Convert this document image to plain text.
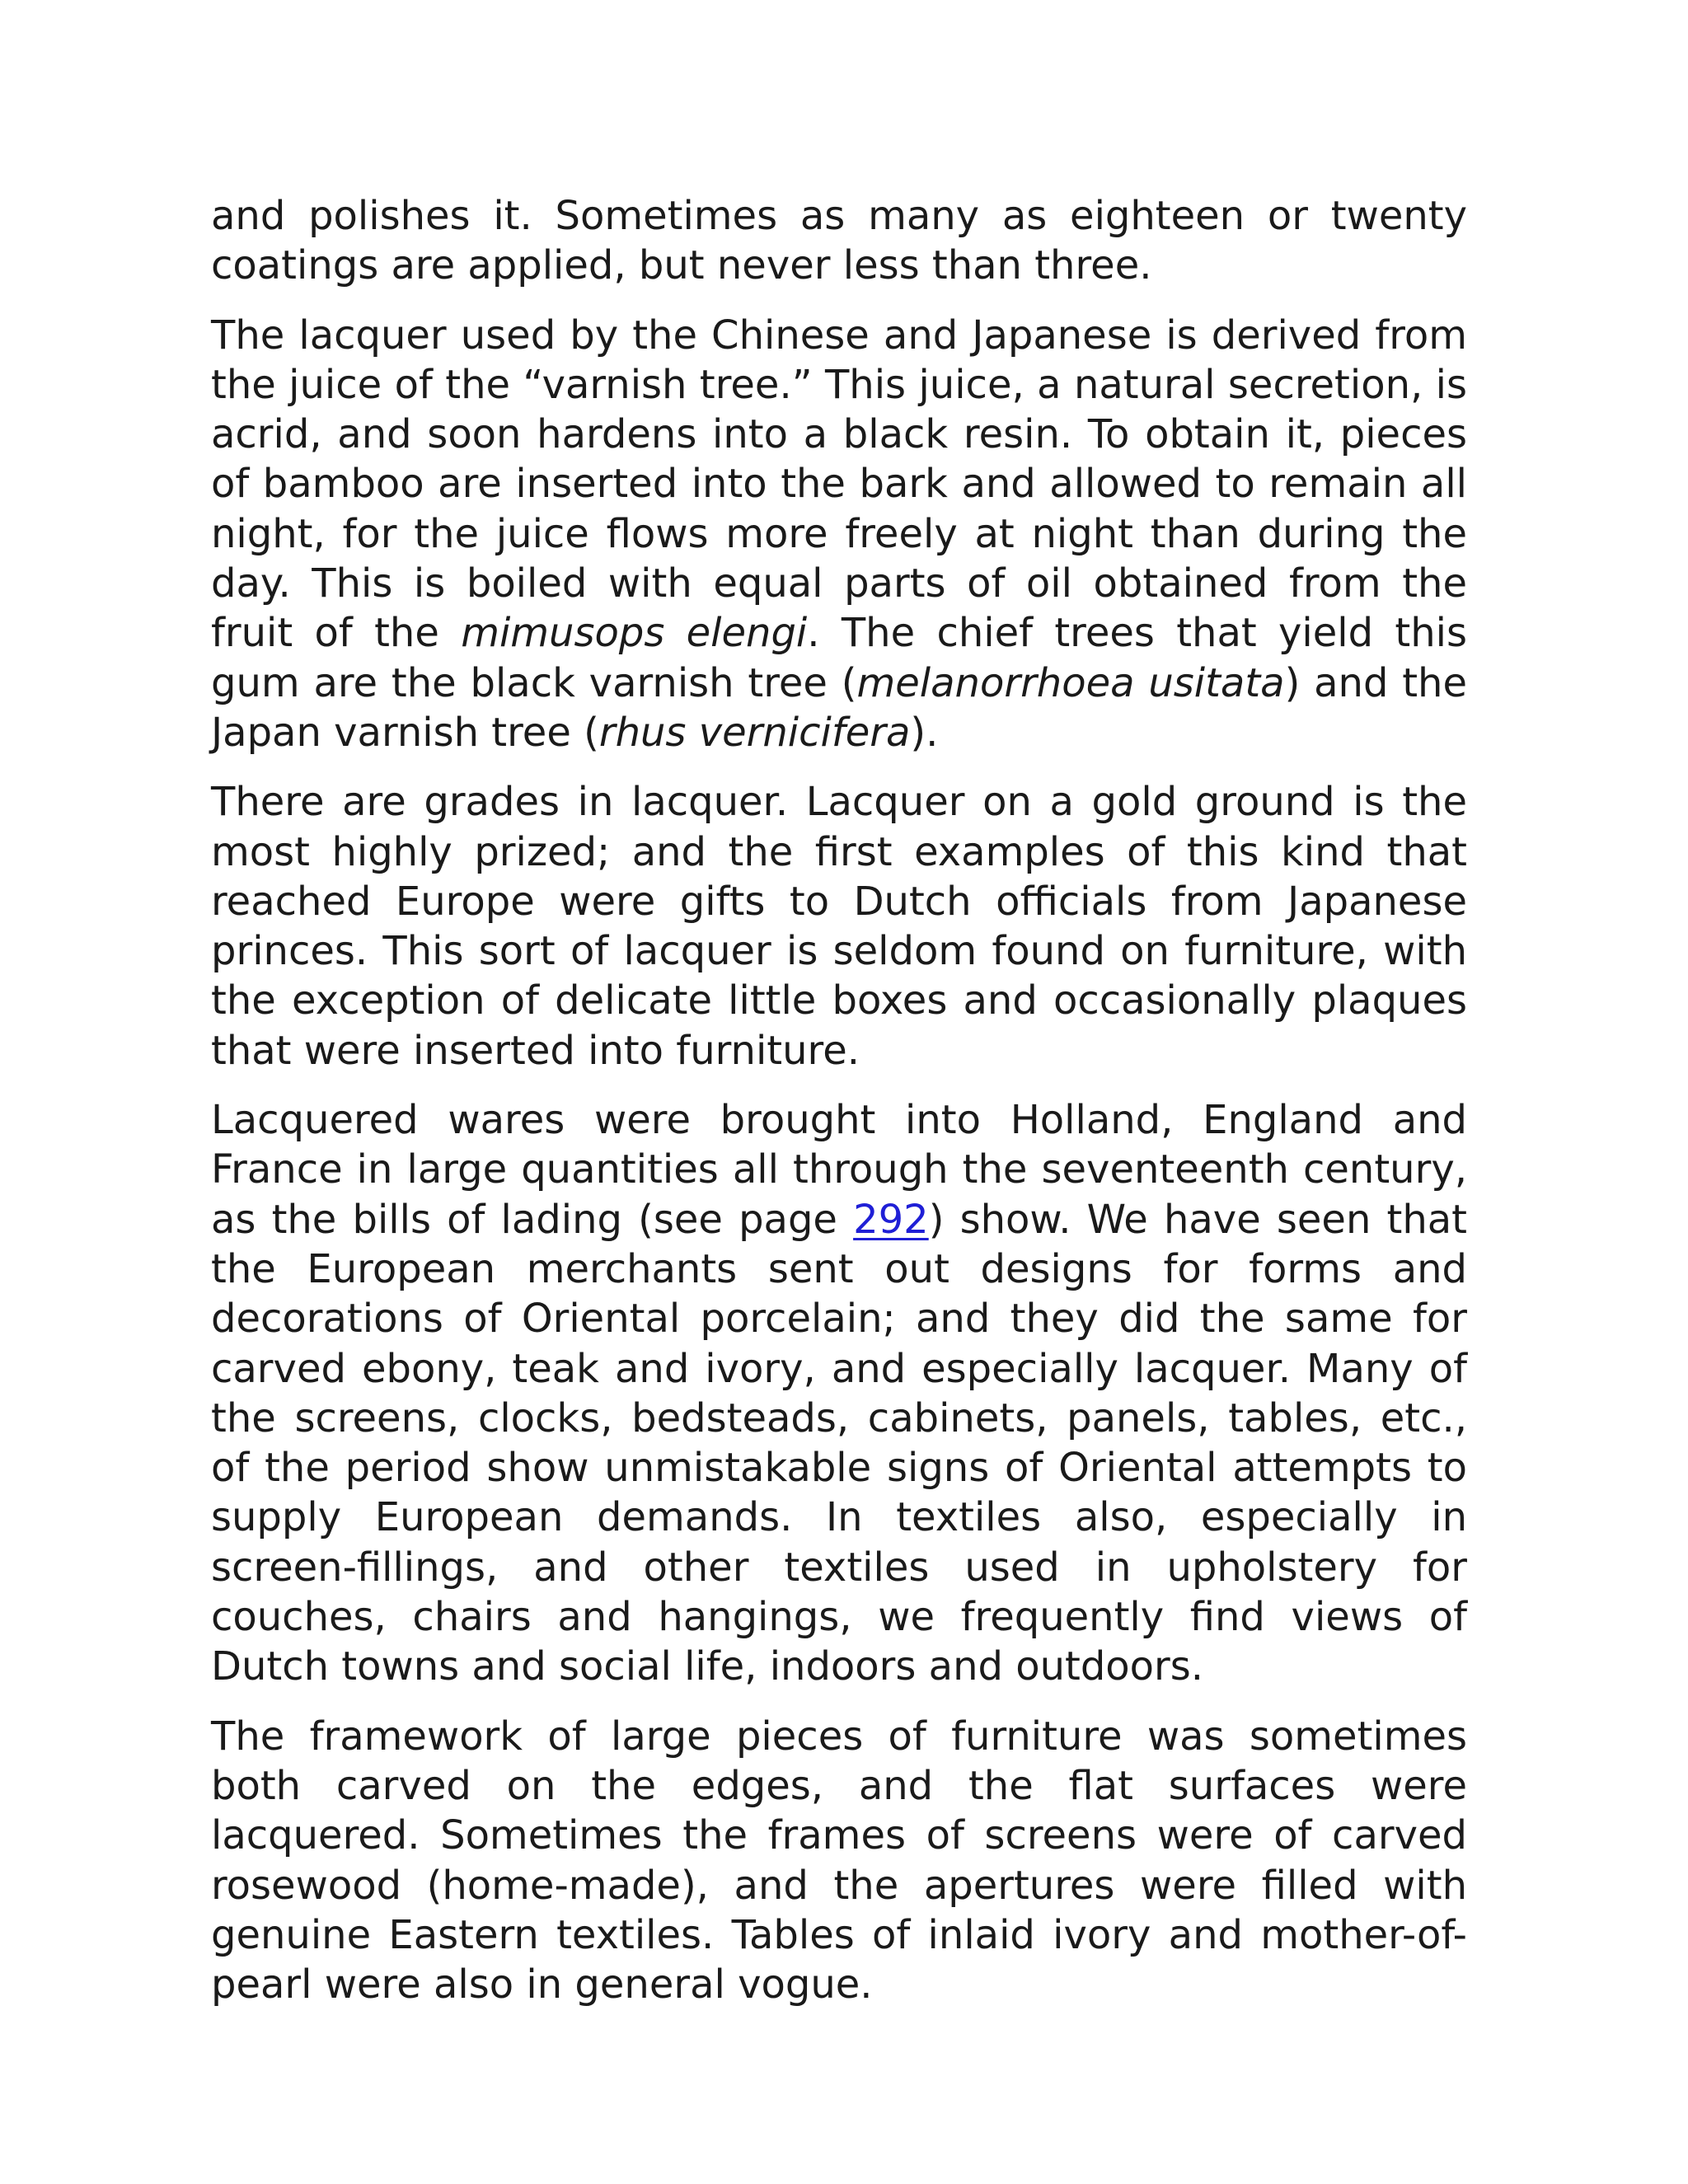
and polishes it. Sometimes as many as eighteen or twenty coatings are applied, but never less than three.

The lacquer used by the Chinese and Japanese is derived from the juice of the “varnish tree.” This juice, a natural secretion, is acrid, and soon hardens into a black resin. To obtain it, pieces of bamboo are inserted into the bark and allowed to remain all night, for the juice flows more freely at night than during the day. This is boiled with equal parts of oil obtained from the fruit of the mimusops elengi. The chief trees that yield this gum are the black varnish tree (melanorrhoea usitata) and the Japan varnish tree (rhus vernicifera).

There are grades in lacquer. Lacquer on a gold ground is the most highly prized; and the first examples of this kind that reached Europe were gifts to Dutch officials from Japanese princes. This sort of lacquer is seldom found on furniture, with the exception of delicate little boxes and occasionally plaques that were inserted into furniture.

Lacquered wares were brought into Holland, England and France in large quantities all through the seventeenth century, as the bills of lading (see page 292) show. We have seen that the European merchants sent out designs for forms and decorations of Oriental porcelain; and they did the same for carved ebony, teak and ivory, and especially lacquer. Many of the screens, clocks, bedsteads, cabinets, panels, tables, etc., of the period show unmistakable signs of Oriental attempts to supply European demands. In textiles also, especially in screen-fillings, and other textiles used in upholstery for couches, chairs and hangings, we frequently find views of Dutch towns and social life, indoors and outdoors.

The framework of large pieces of furniture was sometimes both carved on the edges, and the flat surfaces were lacquered. Sometimes the frames of screens were of carved rosewood (home-made), and the apertures were filled with genuine Eastern textiles. Tables of inlaid ivory and mother-of-pearl were also in general vogue.
